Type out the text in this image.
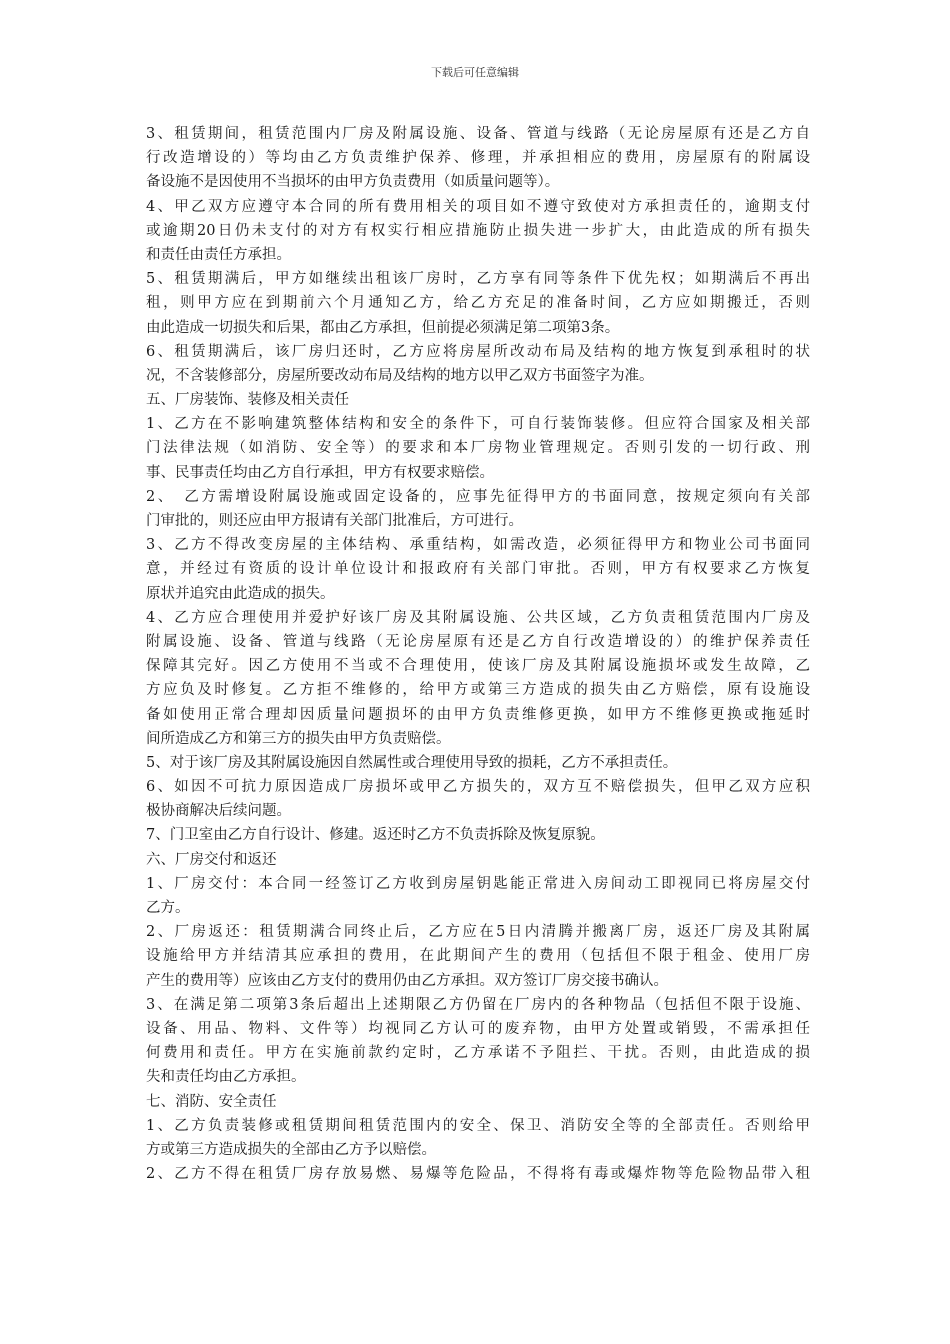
下载后可任意编辑
3、租赁期间，租赁范围内厂房及附属设施、设备、管道与线路（无论房屋原有还是乙方自
行改造增设的）等均由乙方负责维护保养、修理，并承担相应的费用，房屋原有的附属设
备设施不是因使用不当损坏的由甲方负责费用（如质量问题等）。
4、甲乙双方应遵守本合同的所有费用相关的项目如不遵守致使对方承担责任的，逾期支付
或逾期20日仍未支付的对方有权实行相应措施防止损失进一步扩大，由此造成的所有损失
和责任由责任方承担。
5、租赁期满后，甲方如继续出租该厂房时，乙方享有同等条件下优先权；如期满后不再出
租，则甲方应在到期前六个月通知乙方，给乙方充足的准备时间，乙方应如期搬迁，否则
由此造成一切损失和后果，都由乙方承担，但前提必须满足第二项第3条。
6、租赁期满后，该厂房归还时，乙方应将房屋所改动布局及结构的地方恢复到承租时的状
况，不含装修部分，房屋所要改动布局及结构的地方以甲乙双方书面签字为准。
五、厂房装饰、装修及相关责任
1、乙方在不影响建筑整体结构和安全的条件下，可自行装饰装修。但应符合国家及相关部
门法律法规（如消防、安全等）的要求和本厂房物业管理规定。否则引发的一切行政、刑
事、民事责任均由乙方自行承担，甲方有权要求赔偿。
2、　乙方需增设附属设施或固定设备的，应事先征得甲方的书面同意，按规定须向有关部
门审批的，则还应由甲方报请有关部门批准后，方可进行。
3、乙方不得改变房屋的主体结构、承重结构，如需改造，必须征得甲方和物业公司书面同
意，并经过有资质的设计单位设计和报政府有关部门审批。否则，甲方有权要求乙方恢复
原状并追究由此造成的损失。
4、乙方应合理使用并爱护好该厂房及其附属设施、公共区域，乙方负责租赁范围内厂房及
附属设施、设备、管道与线路（无论房屋原有还是乙方自行改造增设的）的维护保养责任
保障其完好。因乙方使用不当或不合理使用，使该厂房及其附属设施损坏或发生故障，乙
方应负及时修复。乙方拒不维修的，给甲方或第三方造成的损失由乙方赔偿，原有设施设
备如使用正常合理却因质量问题损坏的由甲方负责维修更换，如甲方不维修更换或拖延时
间所造成乙方和第三方的损失由甲方负责赔偿。
5、对于该厂房及其附属设施因自然属性或合理使用导致的损耗，乙方不承担责任。
6、如因不可抗力原因造成厂房损坏或甲乙方损失的，双方互不赔偿损失，但甲乙双方应积
极协商解决后续问题。
7、门卫室由乙方自行设计、修建。返还时乙方不负责拆除及恢复原貌。
六、厂房交付和返还
1、厂房交付：本合同一经签订乙方收到房屋钥匙能正常进入房间动工即视同已将房屋交付
乙方。
2、厂房返还：租赁期满合同终止后，乙方应在5日内清腾并搬离厂房，返还厂房及其附属
设施给甲方并结清其应承担的费用，在此期间产生的费用（包括但不限于租金、使用厂房
产生的费用等）应该由乙方支付的费用仍由乙方承担。双方签订厂房交接书确认。
3、在满足第二项第3条后超出上述期限乙方仍留在厂房内的各种物品（包括但不限于设施、
设备、用品、物料、文件等）均视同乙方认可的废弃物，由甲方处置或销毁，不需承担任
何费用和责任。甲方在实施前款约定时，乙方承诺不予阻拦、干扰。否则，由此造成的损
失和责任均由乙方承担。
七、消防、安全责任
1、乙方负责装修或租赁期间租赁范围内的安全、保卫、消防安全等的全部责任。否则给甲
方或第三方造成损失的全部由乙方予以赔偿。
2、乙方不得在租赁厂房存放易燃、易爆等危险品，不得将有毒或爆炸物等危险物品带入租
